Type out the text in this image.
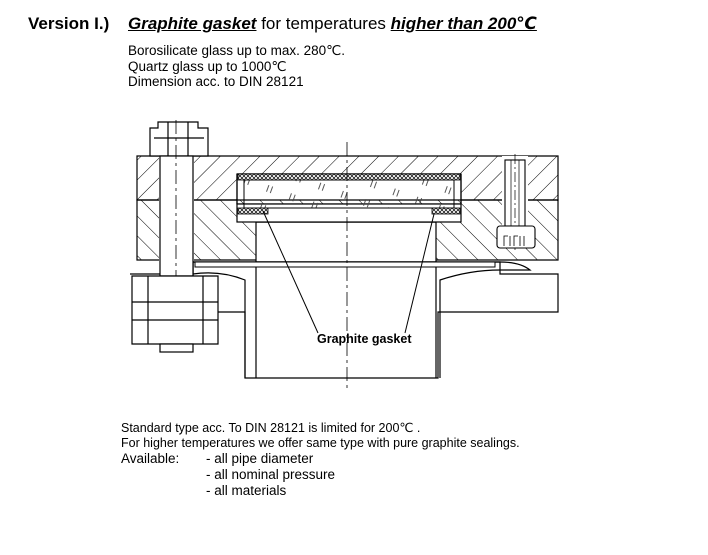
Version I.) Graphite gasket for temperatures higher than 200℃
Borosilicate glass up to max. 280℃.
Quartz glass up to 1000℃
Dimension acc. to DIN 28121
Graphite gasket
Standard type acc. To DIN 28121 is limited for 200℃ .
For higher temperatures we offer same type with pure graphite sealings.
Available: - all pipe diameter
- all nominal pressure
- all materials
